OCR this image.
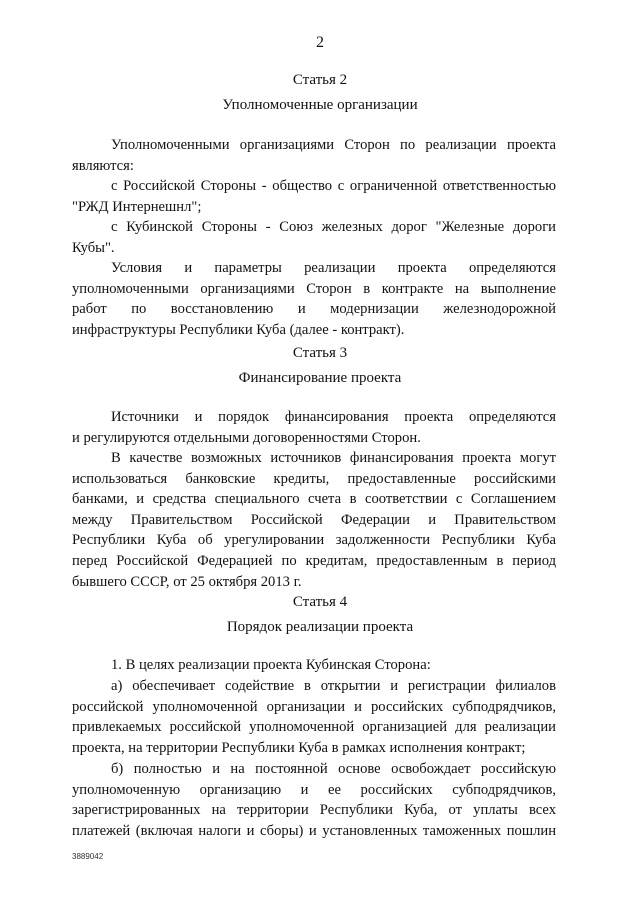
2
Статья 2
Уполномоченные организации
Уполномоченными организациями Сторон по реализации проекта
являются:
с Российской Стороны - общество с ограниченной ответственностью
"РЖД Интернешнл";
с Кубинской Стороны - Союз железных дорог "Железные дороги
Кубы".
Условия и параметры реализации проекта определяются
уполномоченными организациями Сторон в контракте на выполнение
работ по восстановлению и модернизации железнодорожной
инфраструктуры Республики Куба (далее - контракт).
Статья 3
Финансирование проекта
Источники и порядок финансирования проекта определяются
и регулируются отдельными договоренностями Сторон.
В качестве возможных источников финансирования проекта могут
использоваться банковские кредиты, предоставленные российскими
банками, и средства специального счета в соответствии с Соглашением
между Правительством Российской Федерации и Правительством
Республики Куба об урегулировании задолженности Республики Куба
перед Российской Федерацией по кредитам, предоставленным в период
бывшего СССР, от 25 октября 2013 г.
Статья 4
Порядок реализации проекта
1. В целях реализации проекта Кубинская Сторона:
а) обеспечивает содействие в открытии и регистрации филиалов
российской уполномоченной организации и российских субподрядчиков,
привлекаемых российской уполномоченной организацией для реализации
проекта, на территории Республики Куба в рамках исполнения контракт;
б) полностью и на постоянной основе освобождает российскую
уполномоченную организацию и ее российских субподрядчиков,
зарегистрированных на территории Республики Куба, от уплаты всех
платежей (включая налоги и сборы) и установленных таможенных пошлин
3889042
